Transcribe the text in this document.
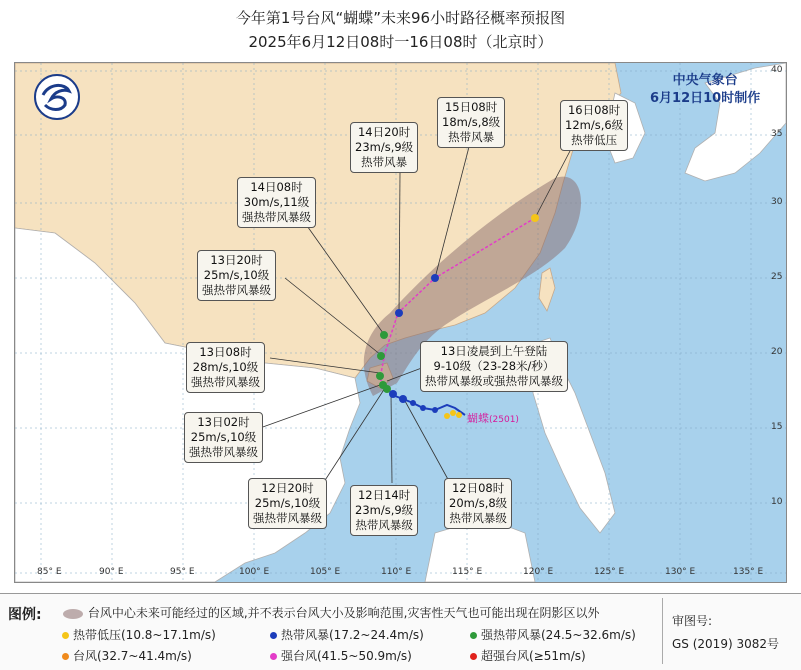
今年第1号台风“蝴蝶”未来96小时路径概率预报图
2025年6月12日08时一16日08时（北京时）
85° E	90° E	95° E	100° E	105° E	110° E	115° E	120° E	125° E	130° E	135° E
40
35
30
25
20
15
10
中央气象台
6月12日10时制作
16日08时
12m/s,6级
热带低压
15日08时
18m/s,8级
热带风暴
14日20时
23m/s,9级
热带风暴
14日08时
30m/s,11级
强热带风暴级
13日20时
25m/s,10级
强热带风暴级
13日08时
28m/s,10级
强热带风暴级
13日02时
25m/s,10级
强热带风暴级
12日20时
25m/s,10级
强热带风暴级
12日14时
23m/s,9级
热带风暴级
12日08时
20m/s,8级
热带风暴级
13日凌晨到上午登陆
9-10级（23-28米/秒）
热带风暴级或强热带风暴级
蝴蝶(2501)
图例:	台风中心未来可能经过的区域,并不表示台风大小及影响范围,灾害性天气也可能出现在阴影区以外
热带低压(10.8~17.1m/s)	热带风暴(17.2~24.4m/s)	强热带风暴(24.5~32.6m/s)
台风(32.7~41.4m/s)	强台风(41.5~50.9m/s)	超强台风(≥51m/s)
审图号:
GS (2019) 3082号
